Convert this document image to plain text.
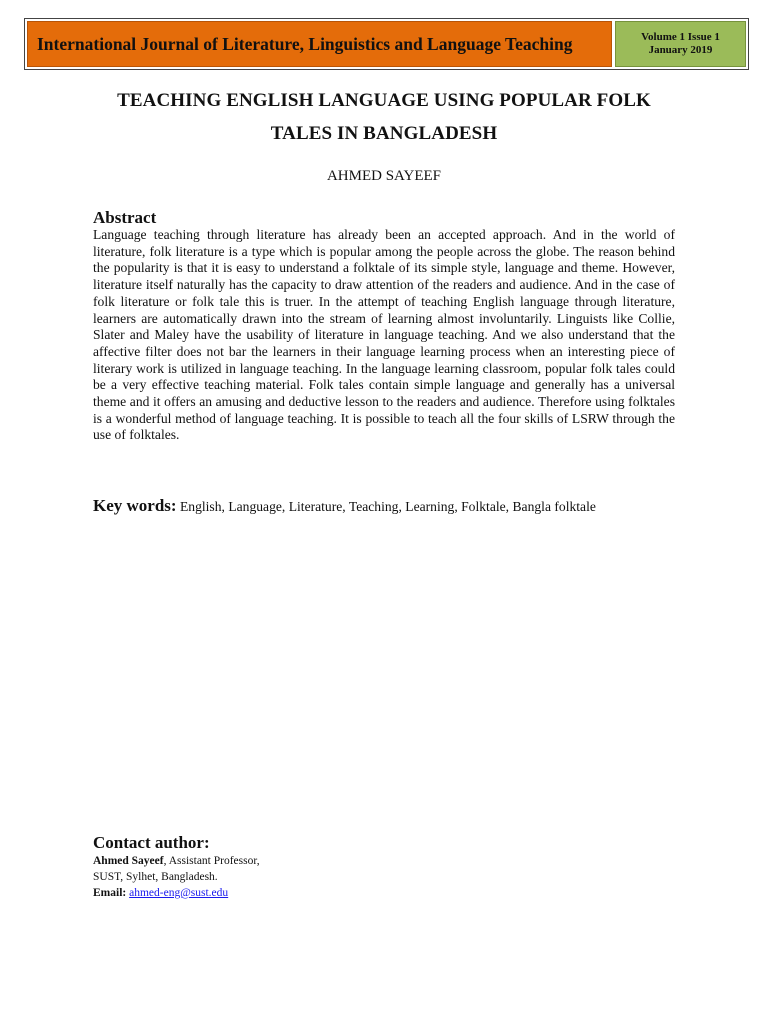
International Journal of Literature, Linguistics and Language Teaching	Volume 1 Issue 1
January 2019
TEACHING ENGLISH LANGUAGE USING POPULAR FOLK
TALES IN BANGLADESH
AHMED SAYEEF
Abstract
Language teaching through literature has already been an accepted approach. And in the world of literature, folk literature is a type which is popular among the people across the globe. The reason behind the popularity is that it is easy to understand a folktale of its simple style, language and theme. However, literature itself naturally has the capacity to draw attention of the readers and audience. And in the case of folk literature or folk tale this is truer. In the attempt of teaching English language through literature, learners are automatically drawn into the stream of learning almost involuntarily. Linguists like Collie, Slater and Maley have the usability of literature in language teaching. And we also understand that the affective filter does not bar the learners in their language learning process when an interesting piece of literary work is utilized in language teaching. In the language learning classroom, popular folk tales could be a very effective teaching material. Folk tales contain simple language and generally has a universal theme and it offers an amusing and deductive lesson to the readers and audience. Therefore using folktales is a wonderful method of language teaching. It is possible to teach all the four skills of LSRW through the use of folktales.
Key words: English, Language, Literature, Teaching, Learning, Folktale, Bangla folktale
Contact author:
Ahmed Sayeef, Assistant Professor,
SUST, Sylhet, Bangladesh.
Email: ahmed-eng@sust.edu
